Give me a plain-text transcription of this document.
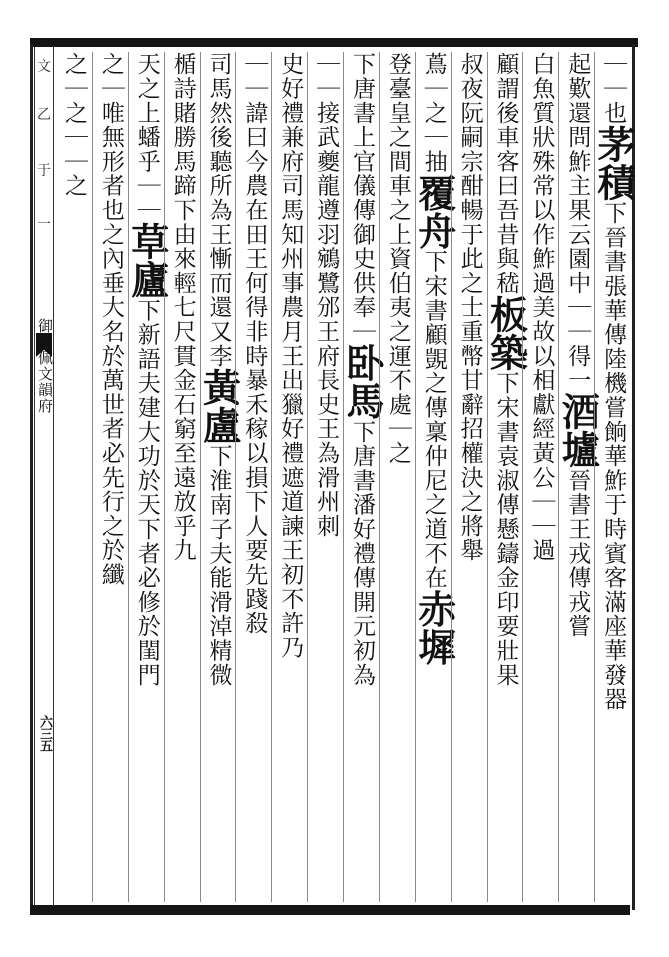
文
乙
于
一
御定佩文韻府
六三五
｜｜也茅積下晉書張華傳陸機嘗餉華鮓于時賓客滿座華發器
起歎還問鮓主果云園中｜｜得一酒壚晉書王戎傳戎嘗
白魚質狀殊常以作鮓過美故以相獻經黃公｜｜過
顧謂後車客曰吾昔與嵇板築下宋書袁淑傳懸鑄金印要壯果
叔夜阮嗣宗酣暢于此之士重幣甘辭招權決之將舉
蔦｜之｜抽覆舟下宋書顧覬之傳稟仲尼之道不在赤墀
登臺皇之間車之上資伯夷之運不處｜之
下唐書上官儀傳御史供奉｜卧馬下唐書潘好禮傳開元初為
｜｜接武夔龍遵羽鵷鷺邠王府長史王為滑州刺
史好禮兼府司馬知州事農月王出獵好禮遮道諫王初不許乃
｜｜諱曰今農在田王何得非時暴禾稼以損下人要先踐殺
司馬然後聽所為王慚而還又李黃盧下淮南子夫能滑淖精微
楯詩賭勝馬蹄下由來輕七尺貫金石窮至遠放乎九
天之上蟠乎｜｜草廬下新語夫建大功於天下者必修於閨門
之｜唯無形者也之內垂大名於萬世者必先行之於纖
之｜之｜｜之
